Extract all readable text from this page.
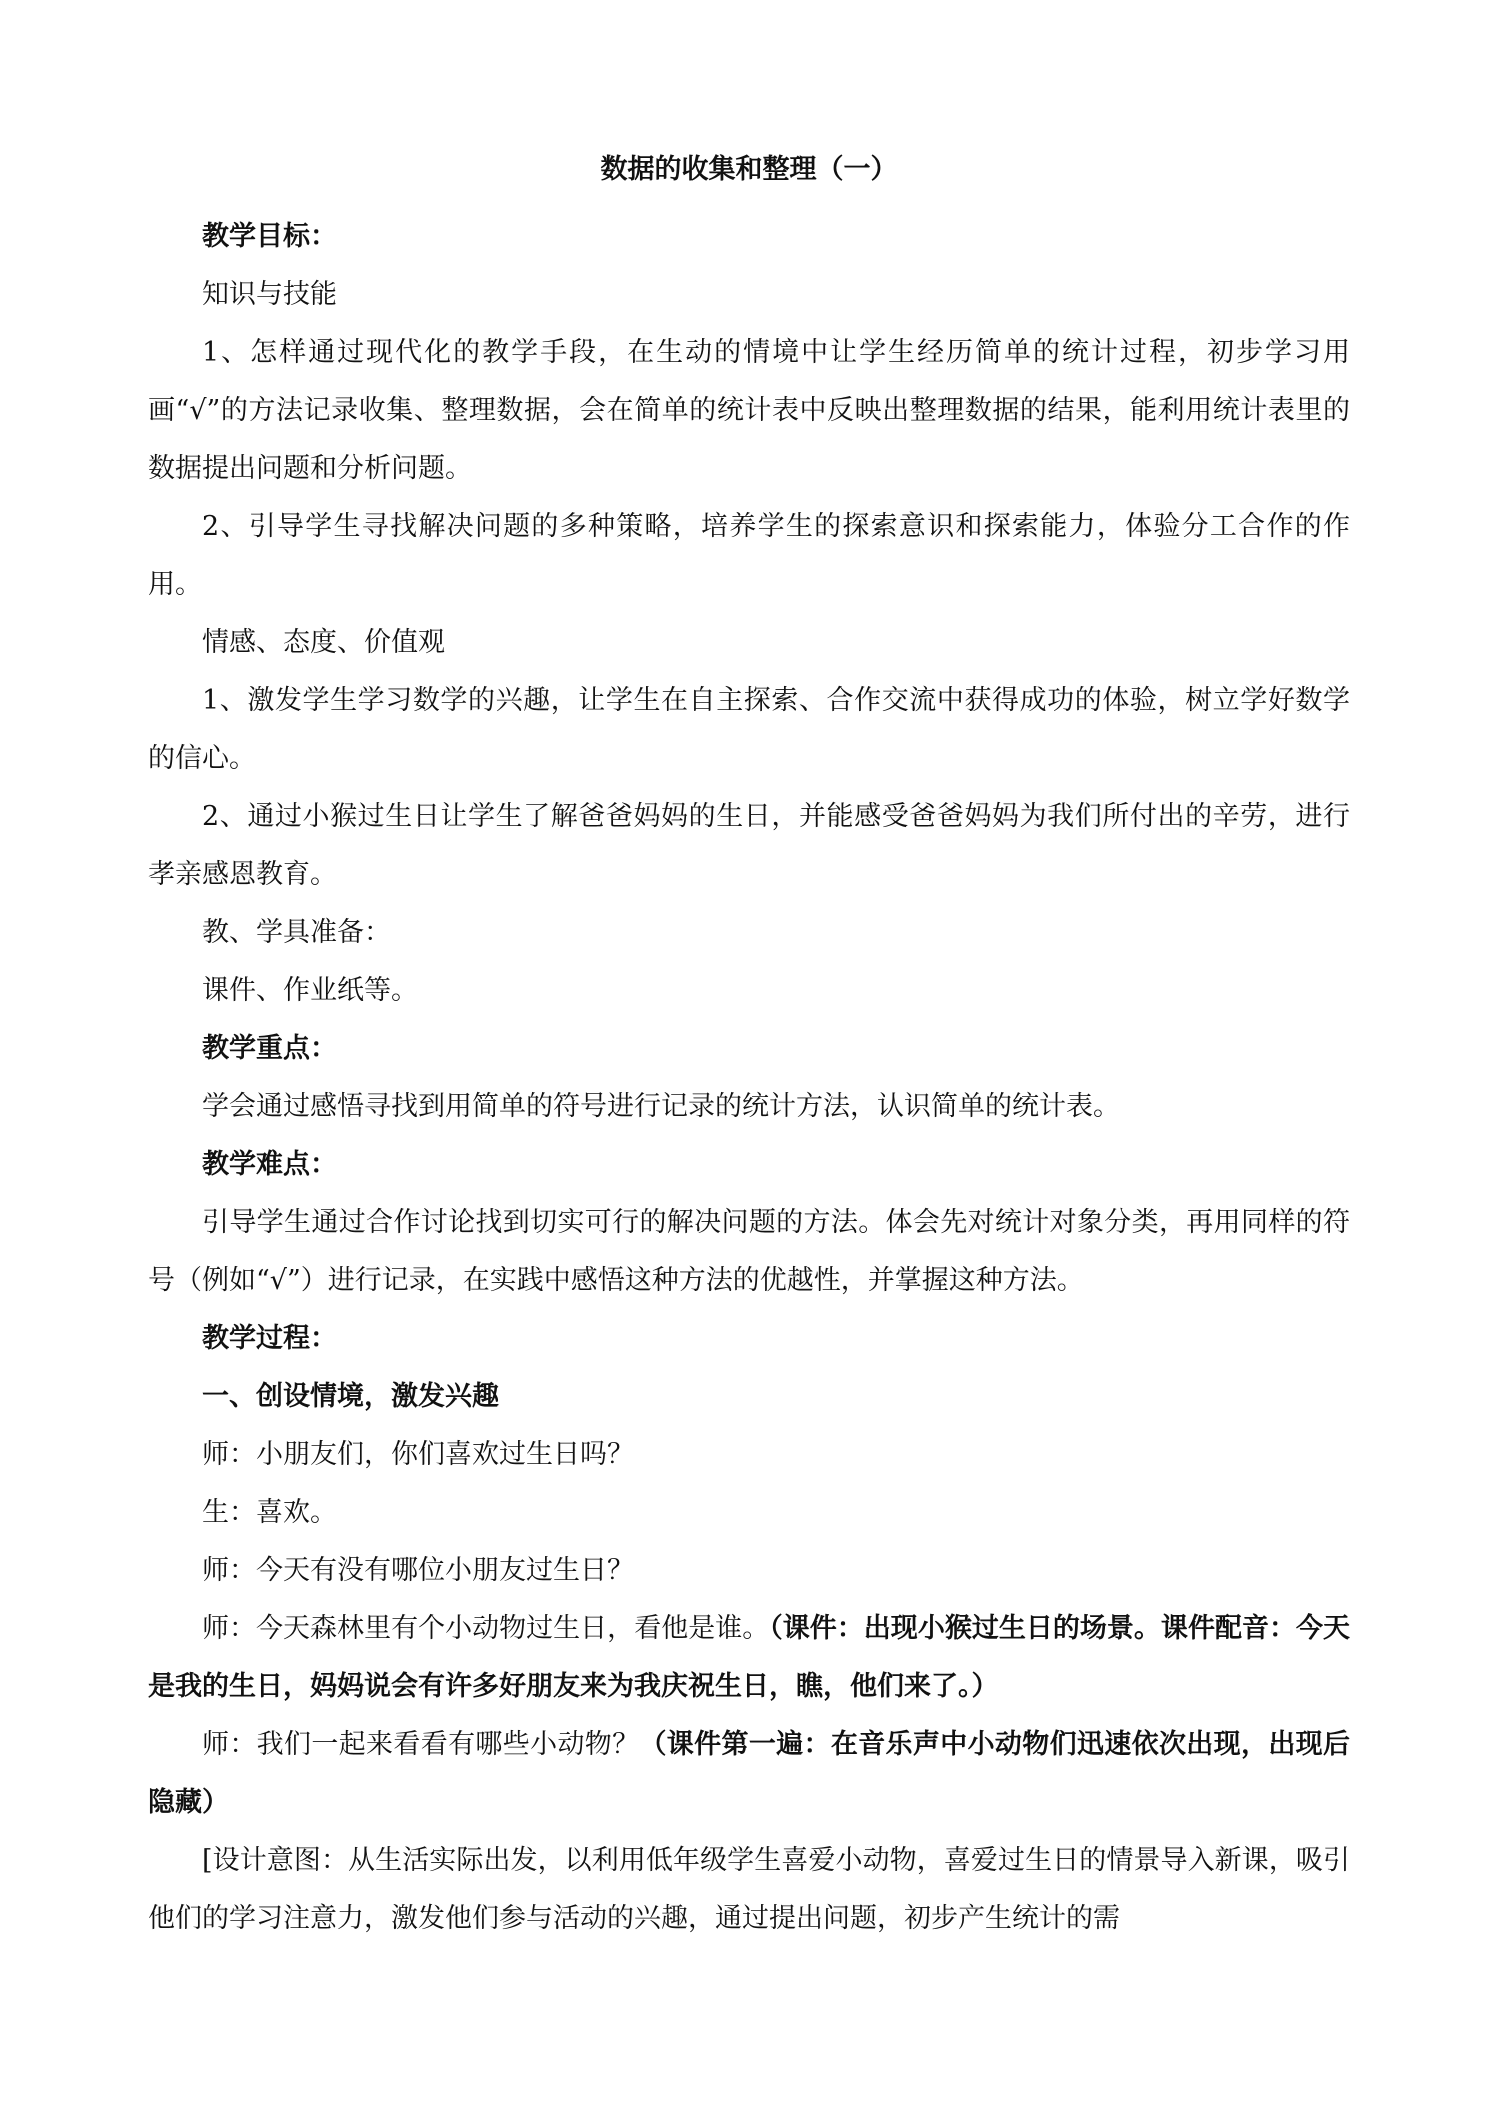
数据的收集和整理（一）

教学目标：

知识与技能

1、怎样通过现代化的教学手段，在生动的情境中让学生经历简单的统计过程，初步学习用画“√”的方法记录收集、整理数据，会在简单的统计表中反映出整理数据的结果，能利用统计表里的数据提出问题和分析问题。

2、引导学生寻找解决问题的多种策略，培养学生的探索意识和探索能力，体验分工合作的作用。

情感、态度、价值观

1、激发学生学习数学的兴趣，让学生在自主探索、合作交流中获得成功的体验，树立学好数学的信心。

2、通过小猴过生日让学生了解爸爸妈妈的生日，并能感受爸爸妈妈为我们所付出的辛劳，进行孝亲感恩教育。

教、学具准备：

课件、作业纸等。

教学重点：

学会通过感悟寻找到用简单的符号进行记录的统计方法，认识简单的统计表。

教学难点：

引导学生通过合作讨论找到切实可行的解决问题的方法。体会先对统计对象分类，再用同样的符号（例如“√”）进行记录，在实践中感悟这种方法的优越性，并掌握这种方法。

教学过程：

一、创设情境，激发兴趣

师：小朋友们，你们喜欢过生日吗？

生：喜欢。

师：今天有没有哪位小朋友过生日？

师：今天森林里有个小动物过生日，看他是谁。（课件：出现小猴过生日的场景。课件配音：今天是我的生日，妈妈说会有许多好朋友来为我庆祝生日，瞧，他们来了。）

师：我们一起来看看有哪些小动物？（课件第一遍：在音乐声中小动物们迅速依次出现，出现后隐藏）

[设计意图：从生活实际出发，以利用低年级学生喜爱小动物，喜爱过生日的情景导入新课，吸引他们的学习注意力，激发他们参与活动的兴趣，通过提出问题，初步产生统计的需
